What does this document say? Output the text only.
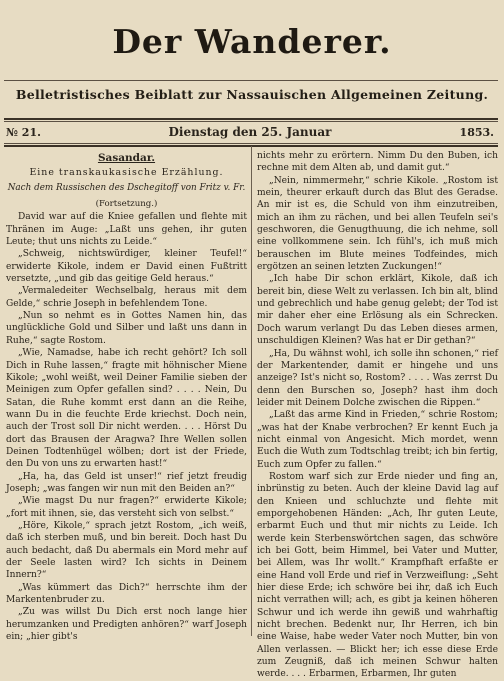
Der Wanderer.
Belletristisches Beiblatt zur Nassauischen Allgemeinen Zeitung.
№ 21.	Dienstag den 25. Januar	1853.
Sasandar.
Eine transkaukasische Erzählung.
Nach dem Russischen des Dschegitoff von Fritz v. Fr.
(Fortsetzung.)

David war auf die Kniee gefallen und flehte mit Thränen im Auge: „Laßt uns gehen, ihr guten Leute; thut uns nichts zu Leide.“

„Schweig, nichtswürdiger, kleiner Teufel!“ erwiderte Kikole, indem er David einen Fußtritt versetzte, „und gib das geitige Geld heraus.“

„Vermaledeiter Wechselbalg, heraus mit dem Gelde,“ schrie Joseph in befehlendem Tone.

„Nun so nehmt es in Gottes Namen hin, das unglückliche Gold und Silber und laßt uns dann in Ruhe,“ sagte Rostom.

„Wie, Namadse, habe ich recht gehört? Ich soll Dich in Ruhe lassen,“ fragte mit höhnischer Miene Kikole; „wohl weißt, weil Deiner Familie sieben der Meinigen zum Opfer gefallen sind? . . . . Nein, Du Satan, die Ruhe kommt erst dann an die Reihe, wann Du in die feuchte Erde kriechst. Doch nein, auch der Trost soll Dir nicht werden. . . . Hörst Du dort das Brausen der Aragwa? Ihre Wellen sollen Deinen Todtenhügel wölben; dort ist der Friede, den Du von uns zu erwarten hast!“

„Ha, ha, das Geld ist unser!“ rief jetzt freudig Joseph; „was fangen wir nun mit den Beiden an?“

„Wie magst Du nur fragen?“ erwiderte Kikole; „fort mit ihnen, sie, das versteht sich von selbst.“

„Höre, Kikole,“ sprach jetzt Rostom, „ich weiß, daß ich sterben muß, und bin bereit. Doch hast Du auch bedacht, daß Du abermals ein Mord mehr auf der Seele lasten wird? Ich sichts in Deinem Innern?“

„Was kümmert das Dich?“ herrschte ihm der Markentenbruder zu.

„Zu was willst Du Dich erst noch lange hier herumzanken und Predigten anhören?“ warf Joseph ein; „hier gibt's

nichts mehr zu erörtern. Nimm Du den Buben, ich rechne mit dem Alten ab, und damit gut.“

„Nein, nimmermehr,“ schrie Kikole. „Rostom ist mein, theurer erkauft durch das Blut des Geradse. An mir ist es, die Schuld von ihm einzutreiben, mich an ihm zu rächen, und bei allen Teufeln sei's geschworen, die Genugthuung, die ich nehme, soll eine vollkommene sein. Ich fühl's, ich muß mich berauschen im Blute meines Todfeindes, mich ergötzen an seinen letzten Zuckungen!“

„Ich habe Dir schon erklärt, Kikole, daß ich bereit bin, diese Welt zu verlassen. Ich bin alt, blind und gebrechlich und habe genug gelebt; der Tod ist mir daher eher eine Erlösung als ein Schrecken. Doch warum verlangt Du das Leben dieses armen, unschuldigen Kleinen? Was hat er Dir gethan?“

„Ha, Du wähnst wohl, ich solle ihn schonen,“ rief der Markentender, damit er hingehe und uns anzeige? Ist's nicht so, Rostom? . . . . Was zerrst Du denn den Burschen so, Joseph? hast ihm doch leider mit Deinem Dolche zwischen die Rippen.“

„Laßt das arme Kind in Frieden,“ schrie Rostom; „was hat der Knabe verbrochen? Er kennt Euch ja nicht einmal von Angesicht. Mich mordet, wenn Euch die Wuth zum Todtschlag treibt; ich bin fertig, Euch zum Opfer zu fallen.“

Rostom warf sich zur Erde nieder und fing an, inbrünstig zu beten. Auch der kleine David lag auf den Knieen und schluchzte und flehte mit emporgehobenen Händen: „Ach, Ihr guten Leute, erbarmt Euch und thut mir nichts zu Leide. Ich werde kein Sterbenswörtchen sagen, das schwöre ich bei Gott, beim Himmel, bei Vater und Mutter, bei Allem, was Ihr wollt.“ Krampfhaft erfaßte er eine Hand voll Erde und rief in Verzweiflung: „Seht hier diese Erde; ich schwöre bei ihr, daß ich Euch nicht verrathen will; ach, es gibt ja keinen höheren Schwur und ich werde ihn gewiß und wahrhaftig nicht brechen. Bedenkt nur, Ihr Herren, ich bin eine Waise, habe weder Vater noch Mutter, bin von Allen verlassen. — Blickt her; ich esse diese Erde zum Zeugniß, daß ich meinen Schwur halten werde. . . . Erbarmen, Erbarmen, Ihr guten
